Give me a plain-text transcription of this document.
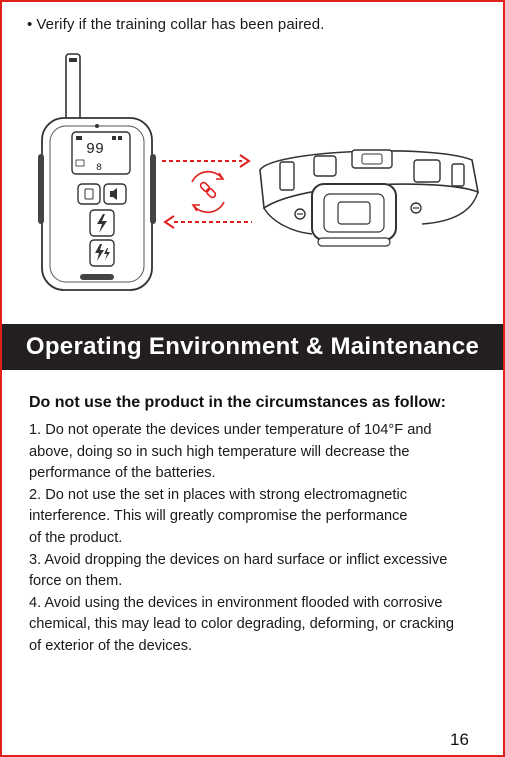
• Verify if the training collar has been paired.
99
8
Operating Environment & Maintenance
Do not use the product in the circumstances as follow:

1. Do not operate the devices under temperature of 104°F and

above, doing so in such high temperature will decrease the

performance of the batteries.

2. Do not use the set in places with strong electromagnetic

interference. This will greatly compromise the performance

of the product.

3. Avoid dropping the devices on hard surface or inflict excessive

force on them.

4. Avoid using the devices in environment flooded with corrosive

chemical, this may lead to color degrading, deforming, or cracking

of exterior of the devices.

16
